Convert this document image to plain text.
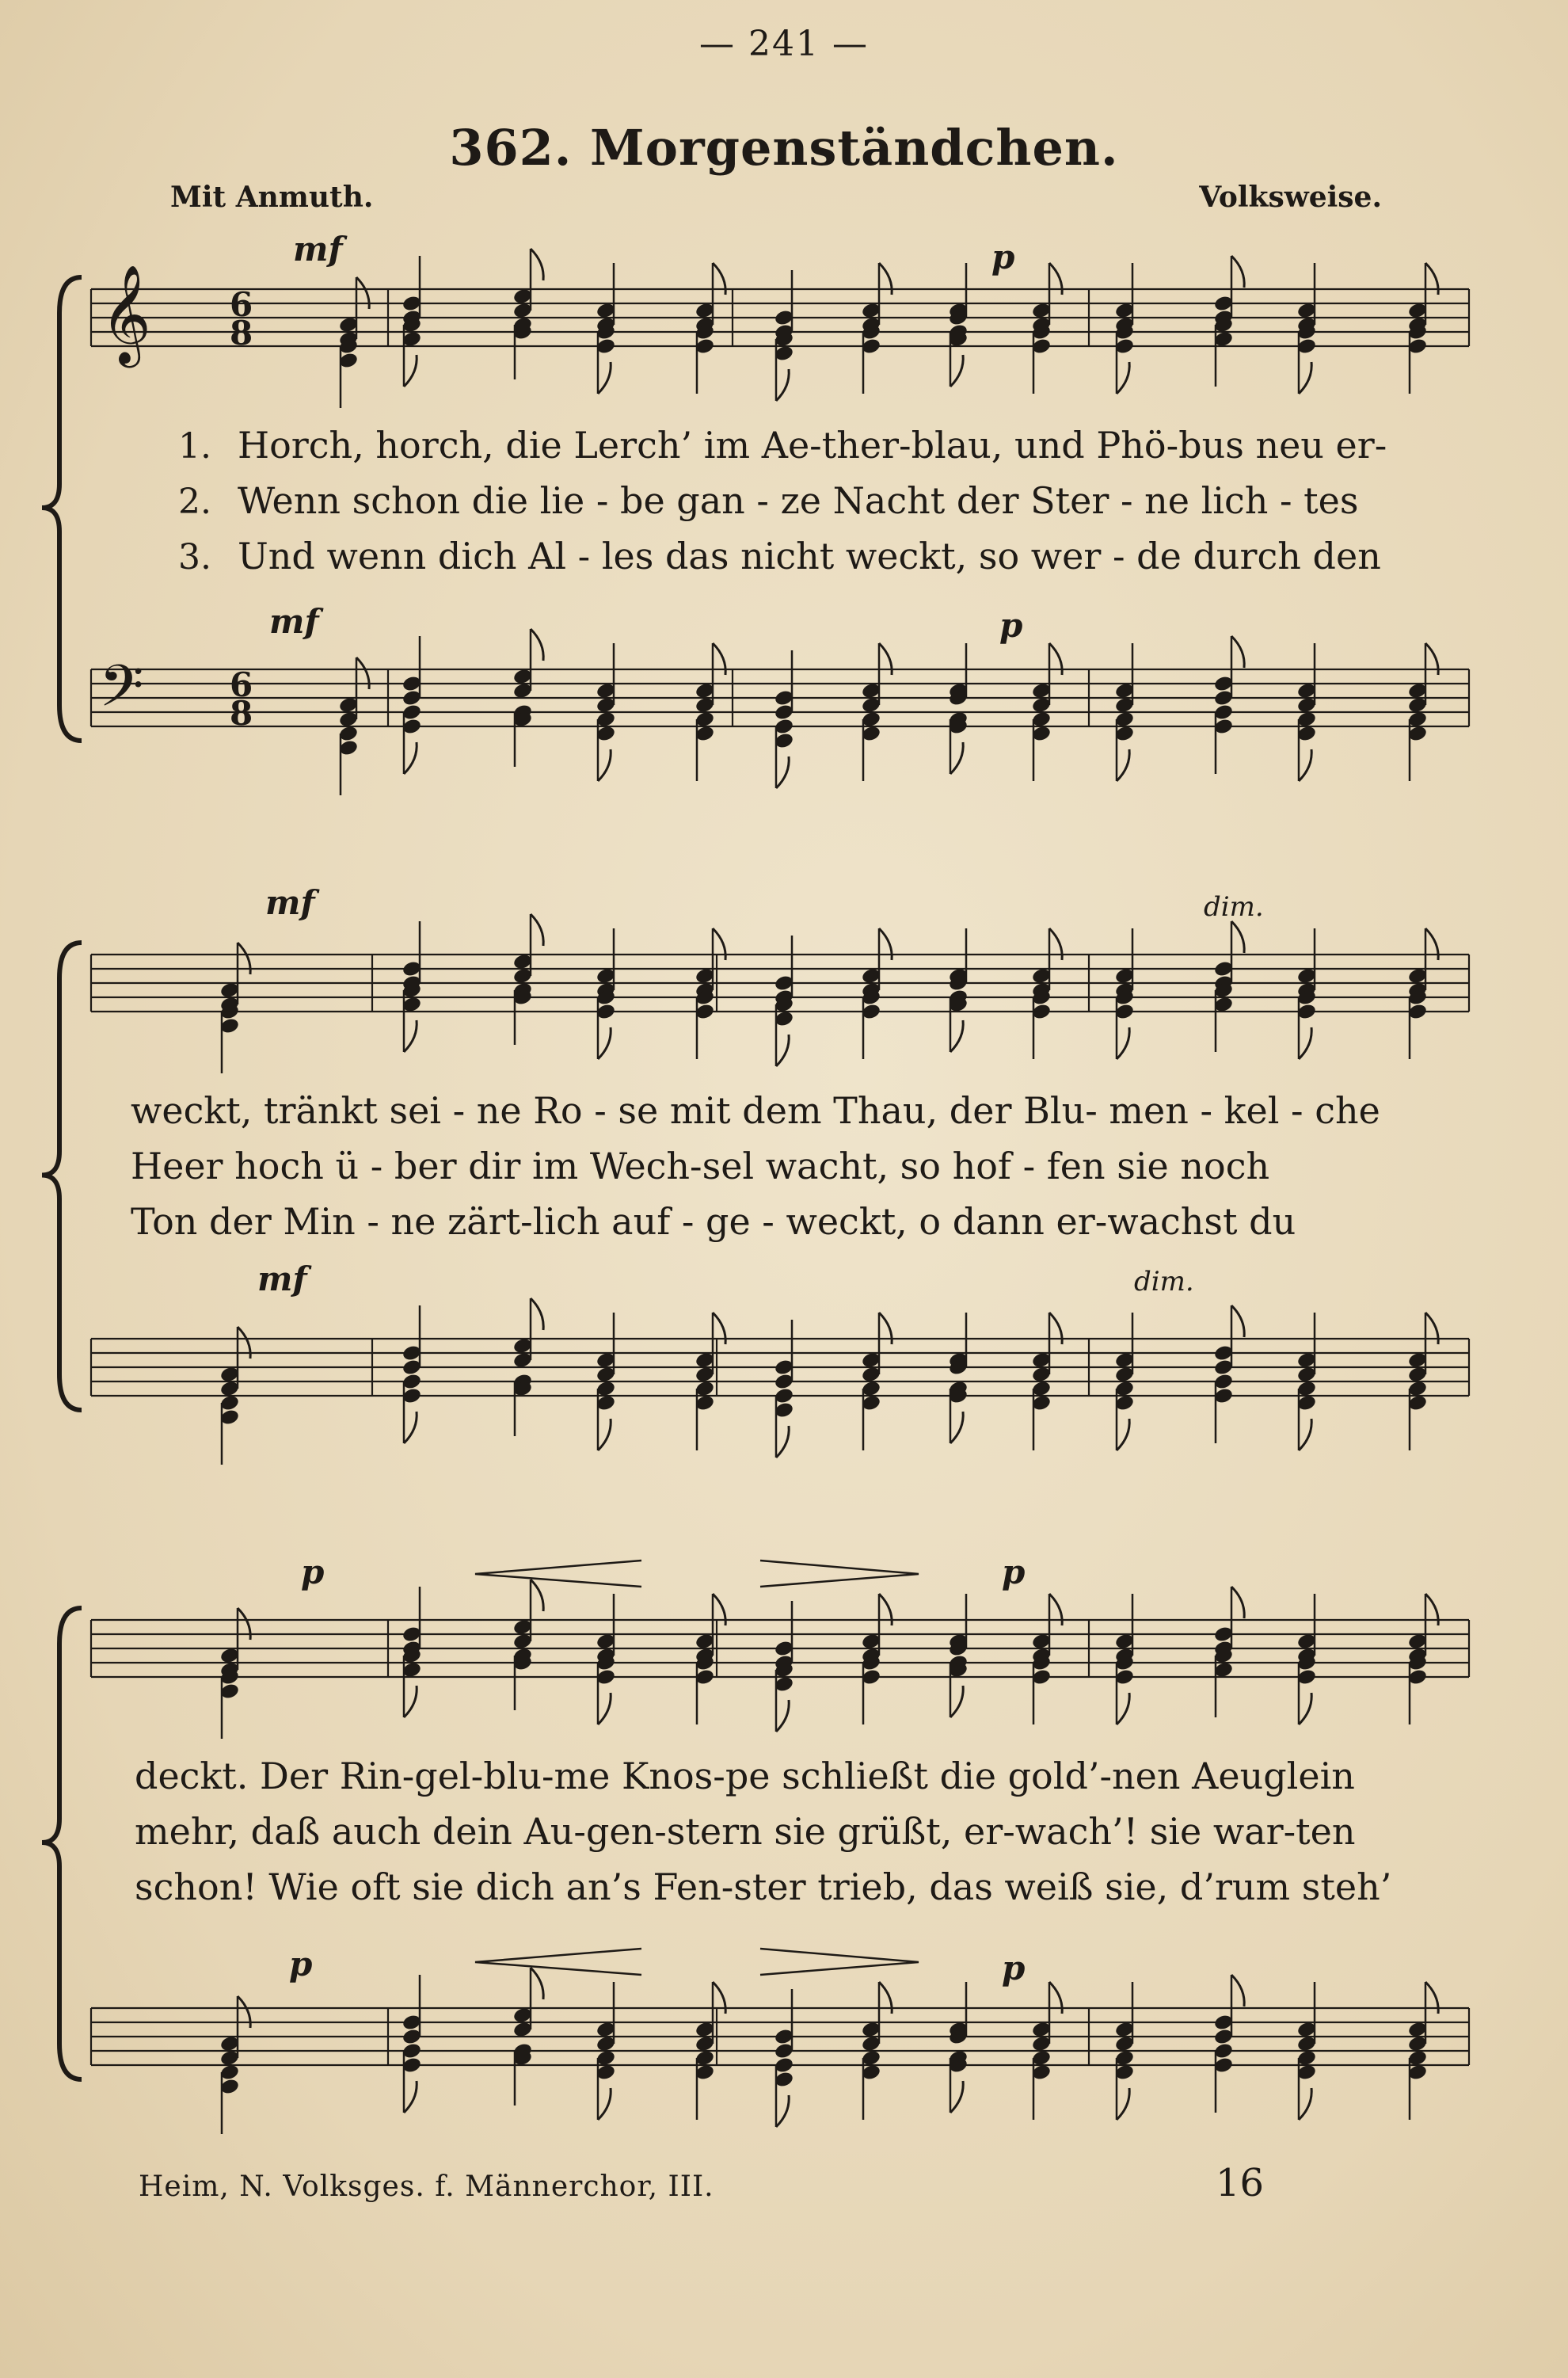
— 241 —
362. Morgenständchen.
Mit Anmuth.	Volksweise.
𝄞
𝄢
6
8
6
8
mf	p
mf	p
1. Horch, horch, die Lerch’ im Ae-ther-blau, und Phö-bus neu er-
2. Wenn schon die lie - be gan - ze Nacht der Ster - ne lich - tes
3. Und wenn dich Al - les das nicht weckt, so wer - de durch den
mf	dim.
mf	dim.
weckt, tränkt sei - ne Ro - se mit dem Thau, der Blu- men - kel - che
Heer hoch ü - ber dir im Wech-sel wacht, so hof - fen sie noch
Ton der Min - ne zärt-lich auf - ge - weckt, o dann er-wachst du
p	p
p	p
deckt. Der Rin-gel-blu-me Knos-pe schließt die gold’-nen Aeuglein
mehr, daß auch dein Au-gen-stern sie grüßt, er-wach’! sie war-ten
schon! Wie oft sie dich an’s Fen-ster trieb, das weiß sie, d’rum steh’
Heim, N. Volksges. f. Männerchor, III.	16
